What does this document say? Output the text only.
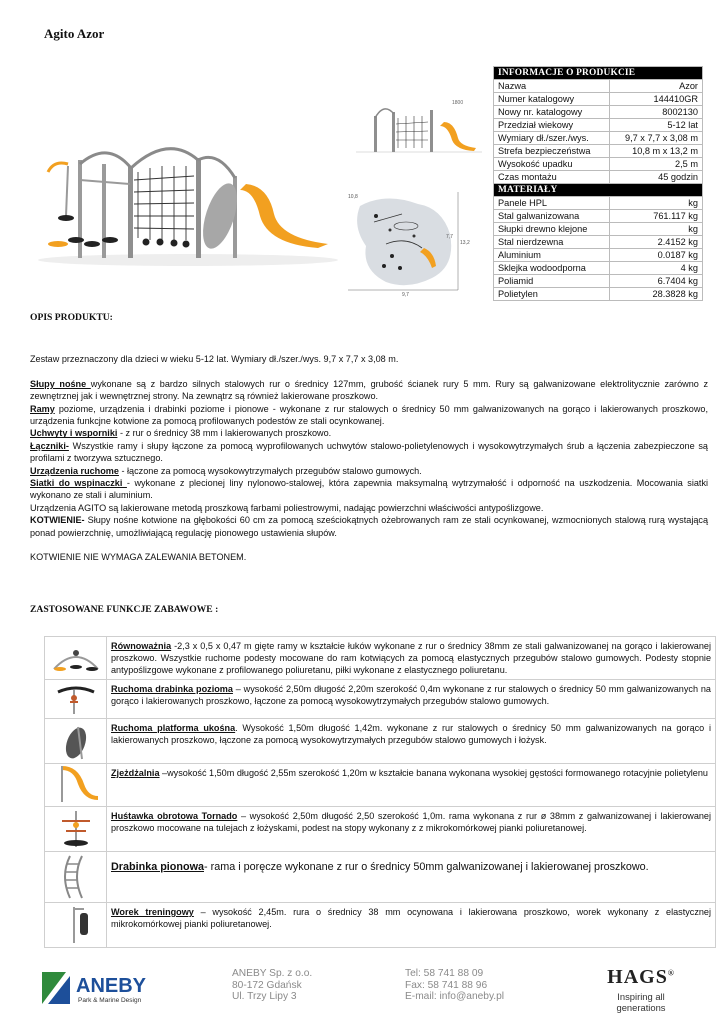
Agito Azor
1800
10,8
13,2
9,7
7,7
INFORMACJE O PRODUKCIE	
Nazwa	Azor
Numer katalogowy	144410GR
Nowy nr. katalogowy	8002130
Przedział wiekowy	5-12 lat
Wymiary dł./szer./wys.	9,7 x 7,7 x 3,08 m
Strefa bezpieczeństwa	10,8 m x 13,2 m
Wysokość upadku	2,5 m
Czas montażu	45 godzin
MATERIAŁY	
Panele HPL	kg
Stal galwanizowana	761.117 kg
Słupki drewno klejone	kg
Stal nierdzewna	2.4152 kg
Aluminium	0.0187 kg
Sklejka wodoodporna	4 kg
Poliamid	6.7404 kg
Polietylen	28.3828 kg
OPIS PRODUKTU:

Zestaw przeznaczony dla dzieci w wieku 5-12 lat. Wymiary dł./szer./wys. 9,7 x 7,7 x 3,08 m.

Słupy nośne wykonane są z bardzo silnych stalowych rur o średnicy 127mm, grubość ścianek rury 5 mm. Rury są galwanizowane elektrolitycznie zarówno z zewnętrznej jak i wewnętrznej strony. Na zewnątrz są również lakierowane proszkowo.

Ramy poziome, urządzenia i drabinki poziome i pionowe - wykonane z rur stalowych o średnicy 50 mm galwanizowanych na gorąco i lakierowanych proszkowo, urządzenia funkcjne kotwione za pomocą profilowanych podestów ze stali ocynkowanej.

Uchwyty i wsporniki - z rur o średnicy 38 mm i lakierowanych proszkowo.

Łączniki- Wszystkie ramy i słupy łączone za pomocą wyprofilowanych uchwytów stalowo-polietylenowych i wysokowytrzymałych śrub a łączenia zabezpieczone są profilami z tworzywa sztucznego.

Urządzenia ruchome - łączone za pomocą wysokowytrzymałych przegubów stalowo gumowych.

Siatki do wspinaczki - wykonane z plecionej liny nylonowo-stalowej, która zapewnia maksymalną wytrzymałość i odporność na uszkodzenia. Mocowania siatki wykonano ze stali i aluminium.

Urządzenia AGITO są lakierowane metodą proszkową farbami poliestrowymi, nadając powierzchni właściwości antypoślizgowe.

KOTWIENIE- Słupy nośne kotwione na głębokości 60 cm za pomocą sześciokątnych ożebrowanych ram ze stali ocynkowanej, wzmocnionych stalową rurą wystającą ponad powierzchnię, umożliwiającą regulację pionowego ustawienia słupów.

KOTWIENIE NIE WYMAGA ZALEWANIA BETONEM.

ZASTOSOWANE FUNKCJE ZABAWOWE :
	Równoważnia -2,3 x 0,5 x 0,47 m gięte ramy w kształcie łuków wykonane z rur o średnicy 38mm ze stali galwanizowanej na gorąco i lakierowanej proszkowo. Wszystkie ruchome podesty mocowane do ram kotwiących za pomocą elastycznych przegubów stalowo gumowych. Podesty stopnie antypoślizgowe wykonane z profilowanego poliuretanu, piłki wykonane z elastycznego poliuretanu.

	Ruchoma drabinka pozioma – wysokość 2,50m długość 2,20m szerokość 0,4m wykonane z rur stalowych o średnicy 50 mm galwanizowanych na gorąco i lakierowanych proszkowo, łączone za pomocą wysokowytrzymałych przegubów stalowo gumowych.

	Ruchoma platforma ukośna. Wysokość 1,50m długość 1,42m. wykonane z rur stalowych o średnicy 50 mm galwanizowanych na gorąco i lakierowanych proszkowo, łączone za pomocą wysokowytrzymałych przegubów stalowo gumowych i łożysk.

	Zjeżdżalnia –wysokość 1,50m długość 2,55m szerokość 1,20m w kształcie banana wykonana wysokiej gęstości formowanego rotacyjnie polietylenu

	Huśtawka obrotowa Tornado – wysokość 2,50m długość 2,50 szerokość 1,0m. rama wykonana z rur ø 38mm z galwanizowanej i lakierowanej proszkowo mocowane na tulejach z łożyskami, podest na stopy wykonany z z mikrokomórkowej pianki poliuretanowej.

	Drabinka pionowa- rama i poręcze wykonane z rur o średnicy 50mm galwanizowanej i lakierowanej proszkowo.

	Worek treningowy – wysokość 2,45m. rura o średnicy 38 mm ocynowana i lakierowana proszkowo, worek wykonany z elastycznej mikrokomórkowej pianki poliuretanowej.
ANEBY
Park & Marine Design
ANEBY Sp. z o.o.
80-172 Gdańsk
Ul. Trzy Lipy 3
Tel: 58 741 88 09
Fax: 58 741 88 96
E-mail: info@aneby.pl
HAGS®
Inspiring all generations
